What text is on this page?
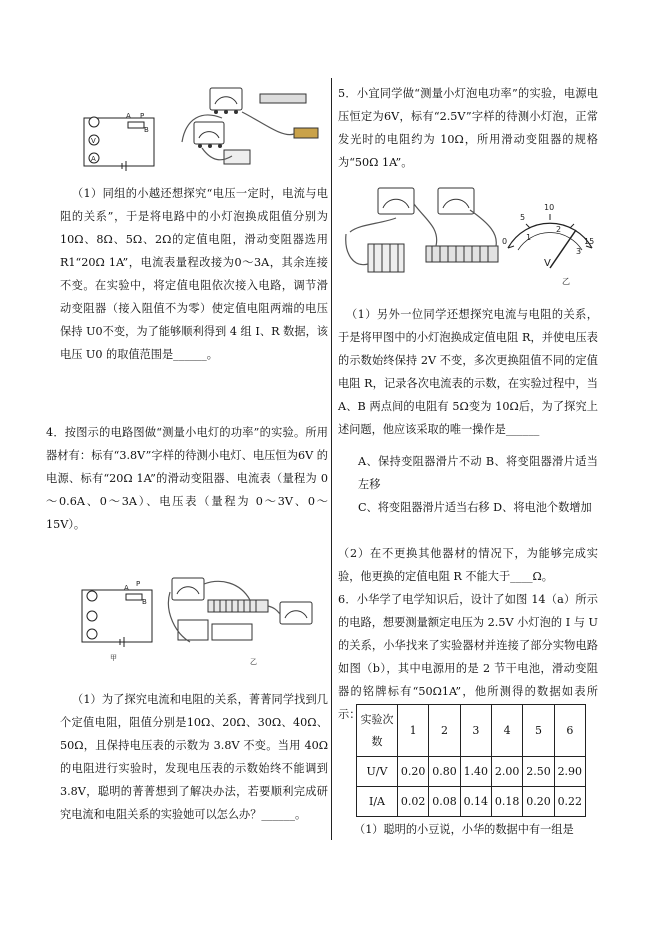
A
B
P
V
A
（1）同组的小越还想探究“电压一定时，电流与电阻的关系”，于是将电路中的小灯泡换成阻值分别为10Ω、8Ω、5Ω、2Ω的定值电阻，滑动变阻器选用 R1“20Ω 1A”，电流表量程改接为0～3A，其余连接不变。在实验中，将定值电阻依次接入电路，调节滑动变阻器（接入阻值不为零）使定值电阻两端的电压保持 U0不变，为了能够顺利得到 4 组 I、R 数据，该电压 U0 的取值范围是______。
4．按图示的电路图做“测量小电灯的功率”的实验。所用器材有：标有“3.8V”字样的待测小电灯、电压恒为6V 的电源、标有“20Ω 1A”的滑动变阻器、电流表（量程为 0～0.6A、0～3A）、电压表（量程为 0～3V、0～15V）。
A
B
P
甲	乙
（1）为了探究电流和电阻的关系，菁菁同学找到几个定值电阻，阻值分别是10Ω、20Ω、30Ω、40Ω、50Ω，且保持电压表的示数为 3.8V 不变。当用 40Ω的电阻进行实验时，发现电压表的示数始终不能调到 3.8V，聪明的菁菁想到了解决办法，若要顺利完成研究电流和电阻关系的实验她可以怎么办？______。
5．小宜同学做“测量小灯泡电功率”的实验，电源电压恒定为6V，标有“2.5V”字样的待测小灯泡，正常发光时的电阻约为 10Ω，所用滑动变阻器的规格为“50Ω 1A”。
0
5
10
15
1
2
3
V
乙
（1）另外一位同学还想探究电流与电阻的关系，于是将甲图中的小灯泡换成定值电阻 R，并使电压表的示数始终保持 2V 不变，多次更换阻值不同的定值电阻 R，记录各次电流表的示数，在实验过程中，当 A、B 两点间的电阻有 5Ω变为 10Ω后，为了探究上述问题，他应该采取的唯一操作是______
A、保持变阻器滑片不动 B、将变阻器滑片适当左移
C、将变阻器滑片适当右移 D、将电池个数增加
（2）在不更换其他器材的情况下，为能够完成实验，他更换的定值电阻 R 不能大于____Ω。
6．小华学了电学知识后，设计了如图 14（a）所示的电路，想要测量额定电压为 2.5V 小灯泡的 I 与 U 的关系，小华找来了实验器材并连接了部分实物电路如图（b），其中电源用的是 2 节干电池，滑动变阻器的铭牌标有“50Ω1A”，他所测得的数据如表所示： 实验次数	1	2	3	4	5	6
U/V	0.20	0.80	1.40	2.00	2.50	2.90
I/A	0.02	0.08	0.14	0.18	0.20	0.22
（1）聪明的小豆说，小华的数据中有一组是
